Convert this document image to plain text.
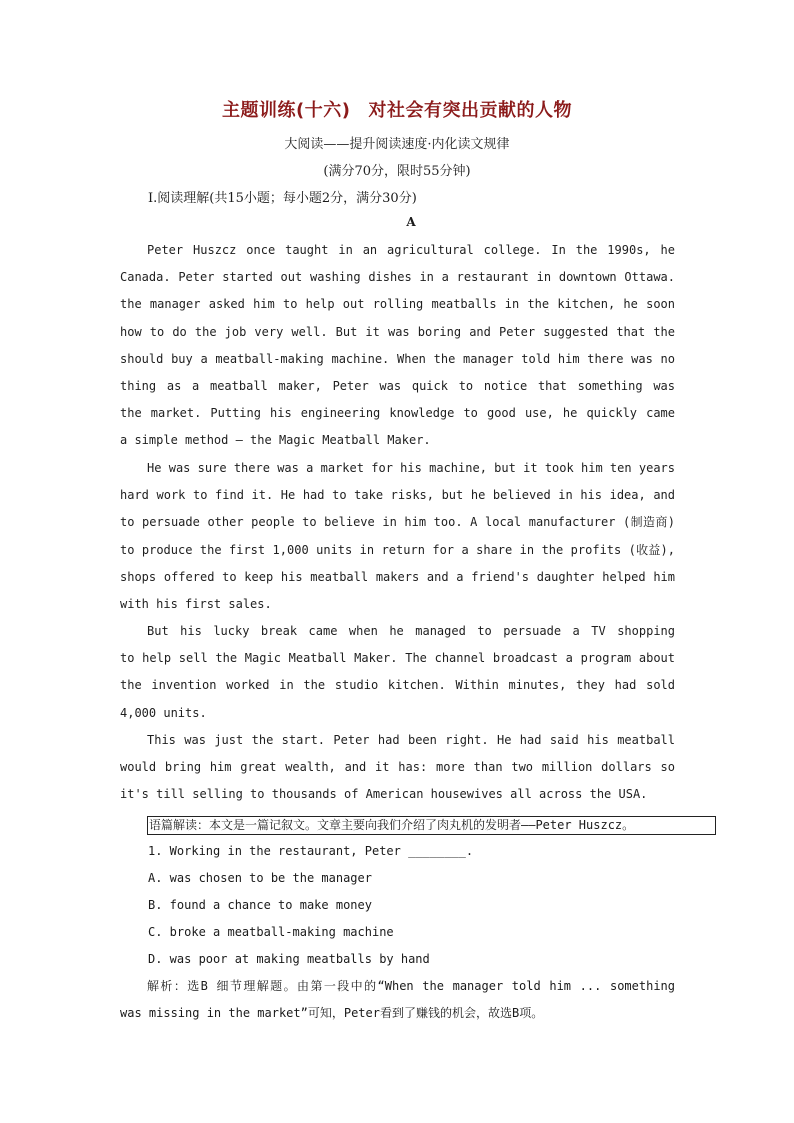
主题训练(十六) 对社会有突出贡献的人物
大阅读——提升阅读速度·内化读文规律
(满分70分，限时55分钟)
Ⅰ.阅读理解(共15小题；每小题2分，满分30分)
A
Peter Huszcz once taught in an agricultural college. In the 1990s, he
Canada. Peter started out washing dishes in a restaurant in downtown Ottawa.
the manager asked him to help out rolling meatballs in the kitchen, he soon
how to do the job very well. But it was boring and Peter suggested that the
should buy a meatball-making machine. When the manager told him there was no
thing as a meatball maker, Peter was quick to notice that something was
the market. Putting his engineering knowledge to good use, he quickly came
a simple method — the Magic Meatball Maker.
He was sure there was a market for his machine, but it took him ten years
hard work to find it. He had to take risks, but he believed in his idea, and
to persuade other people to believe in him too. A local manufacturer (制造商)
to produce the first 1,000 units in return for a share in the profits (收益),
shops offered to keep his meatball makers and a friend's daughter helped him
with his first sales.
But his lucky break came when he managed to persuade a TV shopping
to help sell the Magic Meatball Maker. The channel broadcast a program about
the invention worked in the studio kitchen. Within minutes, they had sold
4,000 units.
This was just the start. Peter had been right. He had said his meatball
would bring him great wealth, and it has: more than two million dollars so
it's till selling to thousands of American housewives all across the USA.
语篇解读：本文是一篇记叙文。文章主要向我们介绍了肉丸机的发明者——Peter Huszcz。
1. Working in the restaurant, Peter ________.
A. was chosen to be the manager
B. found a chance to make money
C. broke a meatball-making machine
D. was poor at making meatballs by hand
解析：选B 细节理解题。由第一段中的“When the manager told him ... something
was missing in the market”可知，Peter看到了赚钱的机会，故选B项。
